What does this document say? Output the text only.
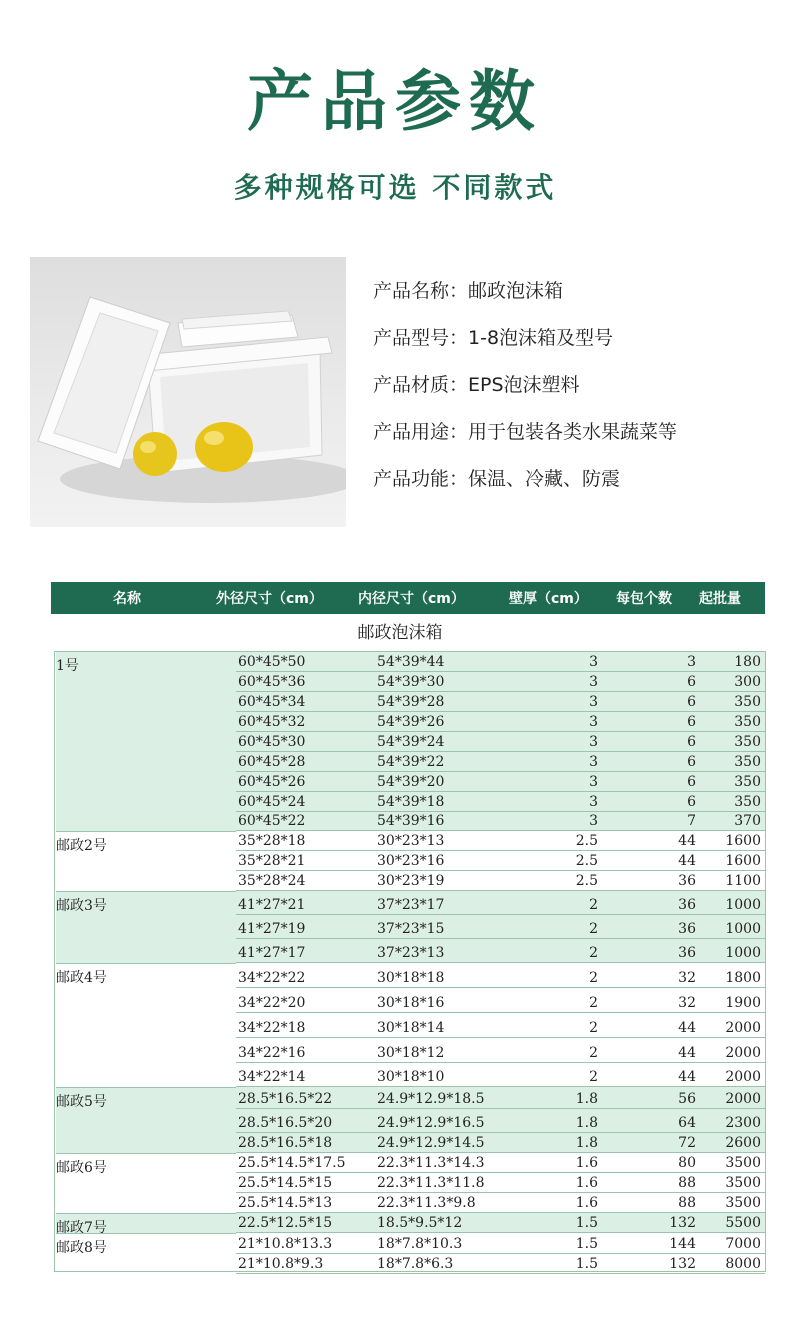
产品参数
多种规格可选 不同款式
产品名称：邮政泡沫箱
产品型号：1-8泡沫箱及型号
产品材质：EPS泡沫塑料
产品用途：用于包装各类水果蔬菜等
产品功能：保温、冷藏、防震
名称	外径尺寸（cm）	内径尺寸（cm）	壁厚（cm） 每包个数 起批量
邮政泡沫箱
1号	60*45*50	54*39*44	3	3	180
60*45*36	54*39*30	3	6	300
60*45*34	54*39*28	3	6	350
60*45*32	54*39*26	3	6	350
60*45*30	54*39*24	3	6	350
60*45*28	54*39*22	3	6	350
60*45*26	54*39*20	3	6	350
60*45*24	54*39*18	3	6	350
60*45*22	54*39*16	3	7	370
邮政2号	35*28*18	30*23*13	2.5	44	1600
35*28*21	30*23*16	2.5	44	1600
35*28*24	30*23*19	2.5	36	1100
邮政3号	41*27*21	37*23*17	2	36	1000
41*27*19	37*23*15	2	36	1000
41*27*17	37*23*13	2	36	1000
邮政4号	34*22*22	30*18*18	2	32	1800
34*22*20	30*18*16	2	32	1900
34*22*18	30*18*14	2	44	2000
34*22*16	30*18*12	2	44	2000
34*22*14	30*18*10	2	44	2000
邮政5号	28.5*16.5*22	24.9*12.9*18.5	1.8	56	2000
28.5*16.5*20	24.9*12.9*16.5	1.8	64	2300
28.5*16.5*18	24.9*12.9*14.5	1.8	72	2600
邮政6号	25.5*14.5*17.5 22.3*11.3*14.3	1.6	80	3500
25.5*14.5*15	22.3*11.3*11.8	1.6	88	3500
25.5*14.5*13	22.3*11.3*9.8	1.6	88	3500
邮政7号	22.5*12.5*15	18.5*9.5*12	1.5	132	5500
邮政8号	21*10.8*13.3	18*7.8*10.3	1.5	144	7000
21*10.8*9.3	18*7.8*6.3	1.5	132	8000
